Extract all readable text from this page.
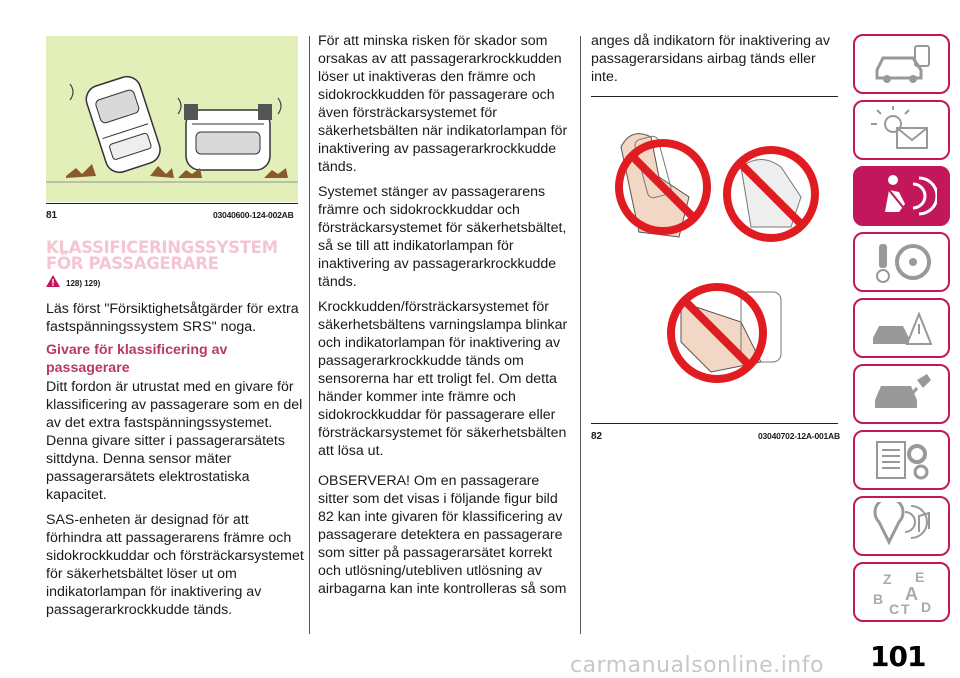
81	03040600-124-002AB
KLASSIFICERINGSSYSTEM
FÖR PASSAGERARE
128) 129)

Läs först "Försiktighetsåtgärder för extra fastspänningssystem SRS" noga.

Givare för klassificering av passagerare

Ditt fordon är utrustat med en givare för klassificering av passagerare som en del av det extra fastspänningssystemet. Denna givare sitter i passagerarsätets sittdyna. Denna sensor mäter passagerarsätets elektrostatiska kapacitet.

SAS-enheten är designad för att förhindra att passagerarens främre och sidokrockkuddar och försträckarsystemet för säkerhetsbältet löser ut om indikatorlampan för inaktivering av passagerarkrockkudde tänds.

För att minska risken för skador som orsakas av att passagerarkrockkudden löser ut inaktiveras den främre och sidokrockkudden för passagerare och även försträckarsystemet för säkerhetsbälten när indikatorlampan för inaktivering av passagerarkrockkudde tänds.

Systemet stänger av passagerarens främre och sidokrockkuddar och försträckarsystemet för säkerhetsbältet, så se till att indikatorlampan för inaktivering av passagerarkrockkudde tänds.

Krockkudden/försträckarsystemet för säkerhetsbältens varningslampa blinkar och indikatorlampan för inaktivering av passagerarkrockkudde tänds om sensorerna har ett troligt fel. Om detta händer kommer inte främre och sidokrockkuddar för passagerare eller försträckarsystemet för säkerhetsbälten att lösa ut.

OBSERVERA! Om en passagerare sitter som det visas i följande figur bild 82 kan inte givaren för klassificering av passagerare detektera en passagerare som sitter på passagerarsätet korrekt och utlösning/utebliven utlösning av airbagarna kan inte kontrolleras så som

anges då indikatorn för inaktivering av passagerarsidans airbag tänds eller inte.

82	03040702-12A-001AB
Z E
B A
C T D
101
carmanualsonline.info
